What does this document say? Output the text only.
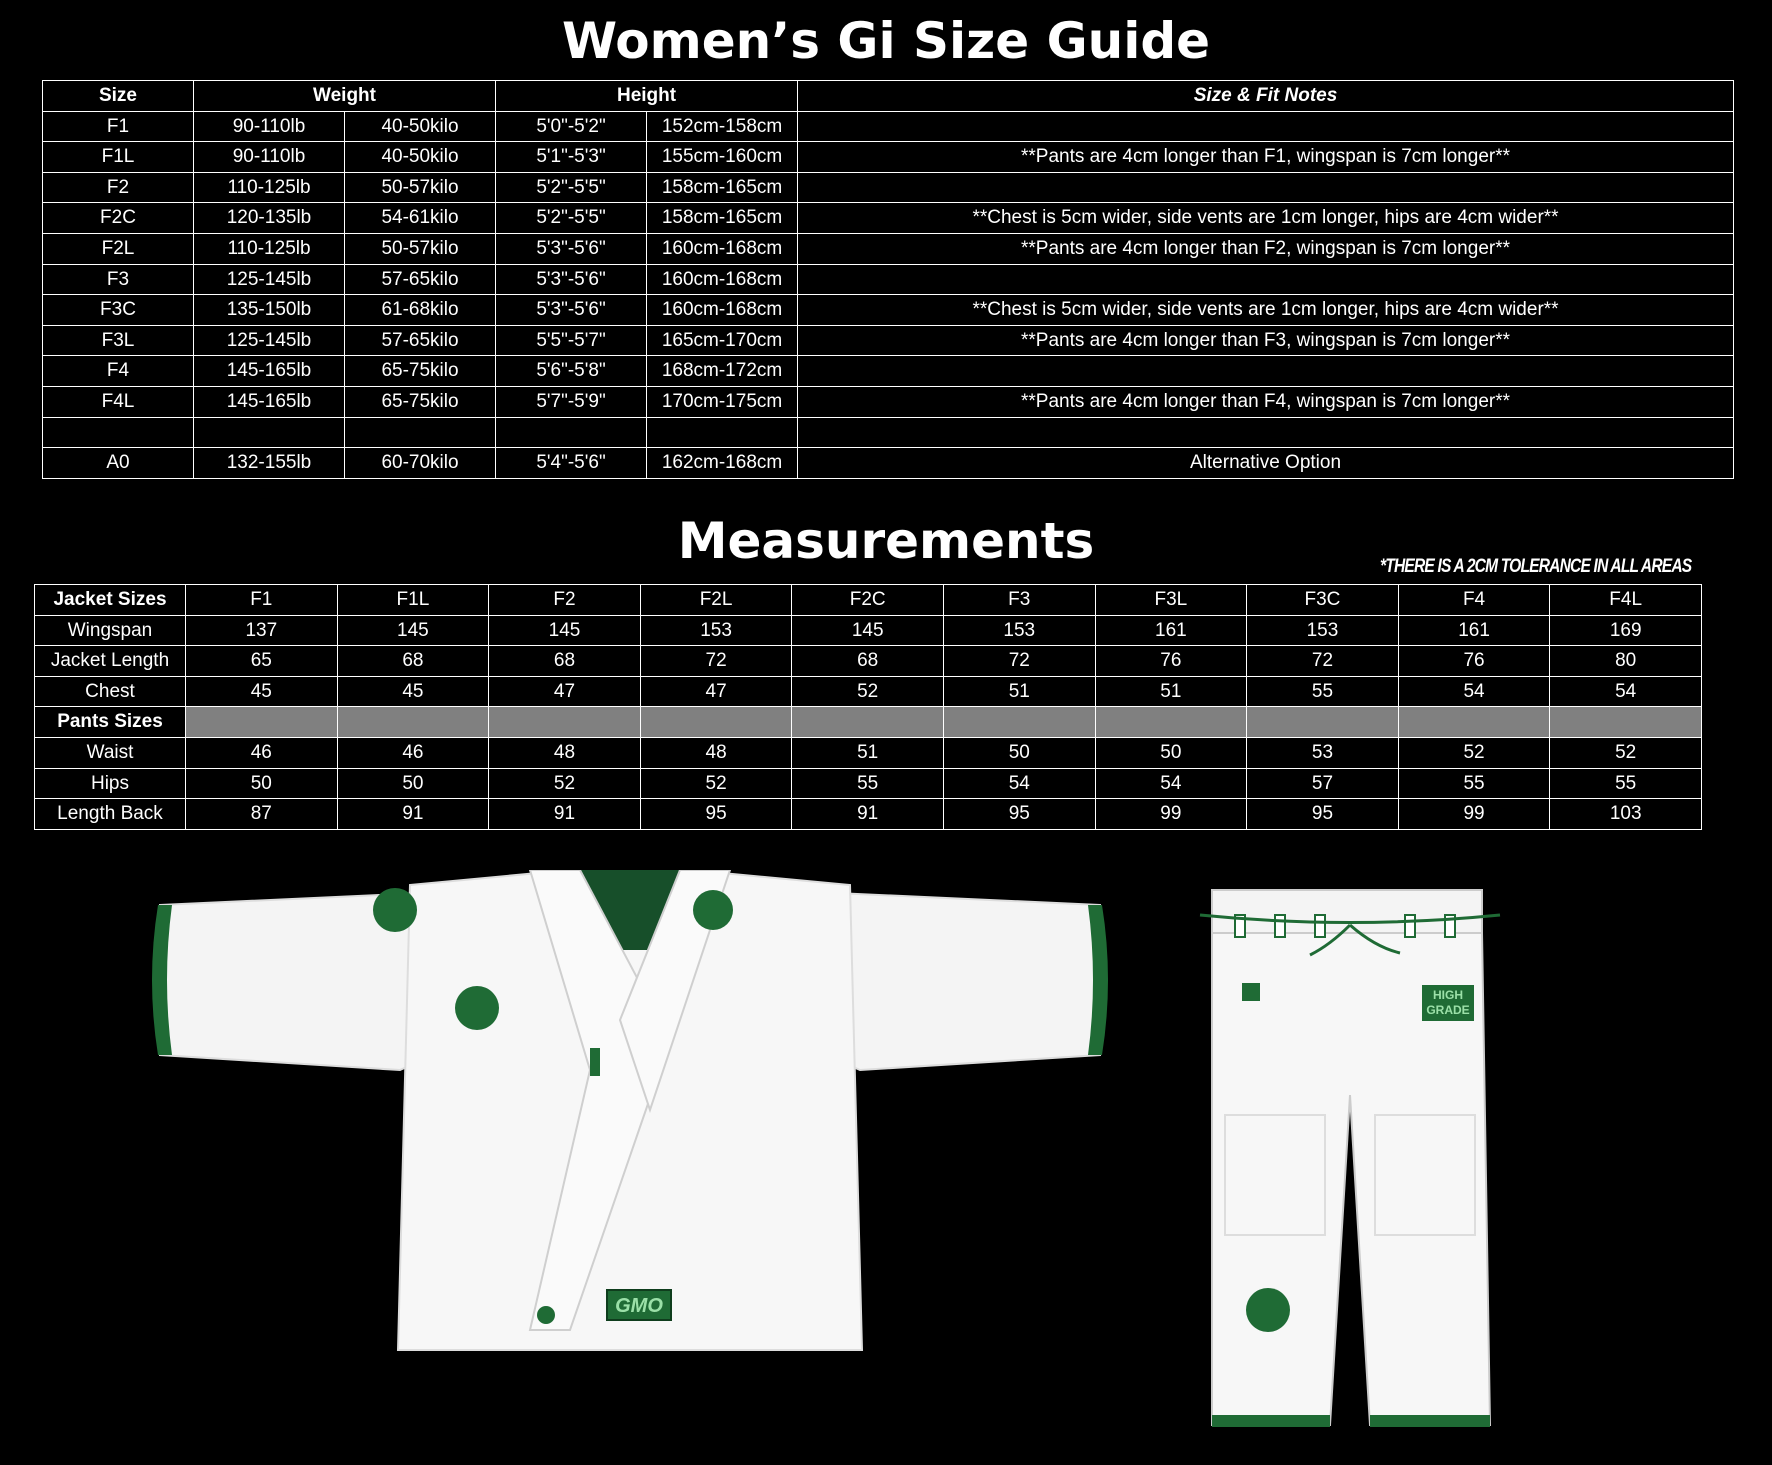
Women’s Gi Size Guide
Size	Weight		Height		Size & Fit Notes
F1	90-110lb	40-50kilo	5'0"-5'2"	152cm-158cm	
F1L	90-110lb	40-50kilo	5'1"-5'3"	155cm-160cm	**Pants are 4cm longer than F1, wingspan is 7cm longer**
F2	110-125lb	50-57kilo	5'2"-5'5"	158cm-165cm	
F2C	120-135lb	54-61kilo	5'2"-5'5"	158cm-165cm	**Chest is 5cm wider, side vents are 1cm longer, hips are 4cm wider**
F2L	110-125lb	50-57kilo	5'3"-5'6"	160cm-168cm	**Pants are 4cm longer than F2, wingspan is 7cm longer**
F3	125-145lb	57-65kilo	5'3"-5'6"	160cm-168cm	
F3C	135-150lb	61-68kilo	5'3"-5'6"	160cm-168cm	**Chest is 5cm wider, side vents are 1cm longer, hips are 4cm wider**
F3L	125-145lb	57-65kilo	5'5"-5'7"	165cm-170cm	**Pants are 4cm longer than F3, wingspan is 7cm longer**
F4	145-165lb	65-75kilo	5'6"-5'8"	168cm-172cm	
F4L	145-165lb	65-75kilo	5'7"-5'9"	170cm-175cm	**Pants are 4cm longer than F4, wingspan is 7cm longer**

A0	132-155lb	60-70kilo	5'4"-5'6"	162cm-168cm	Alternative Option
Measurements	*THERE IS A 2CM TOLERANCE IN ALL AREAS
Jacket Sizes	F1	F1L	F2	F2L	F2C	F3	F3L	F3C	F4	F4L
Wingspan	137	145	145	153	145	153	161	153	161	169
Jacket Length	65	68	68	72	68	72	76	72	76	80
Chest	45	45	47	47	52	51	51	55	54	54
Pants Sizes										
Waist	46	46	48	48	51	50	50	53	52	52
Hips	50	50	52	52	55	54	54	57	55	55
Length Back	87	91	91	95	91	95	99	95	99	103
GMO
HIGH
GRADE
